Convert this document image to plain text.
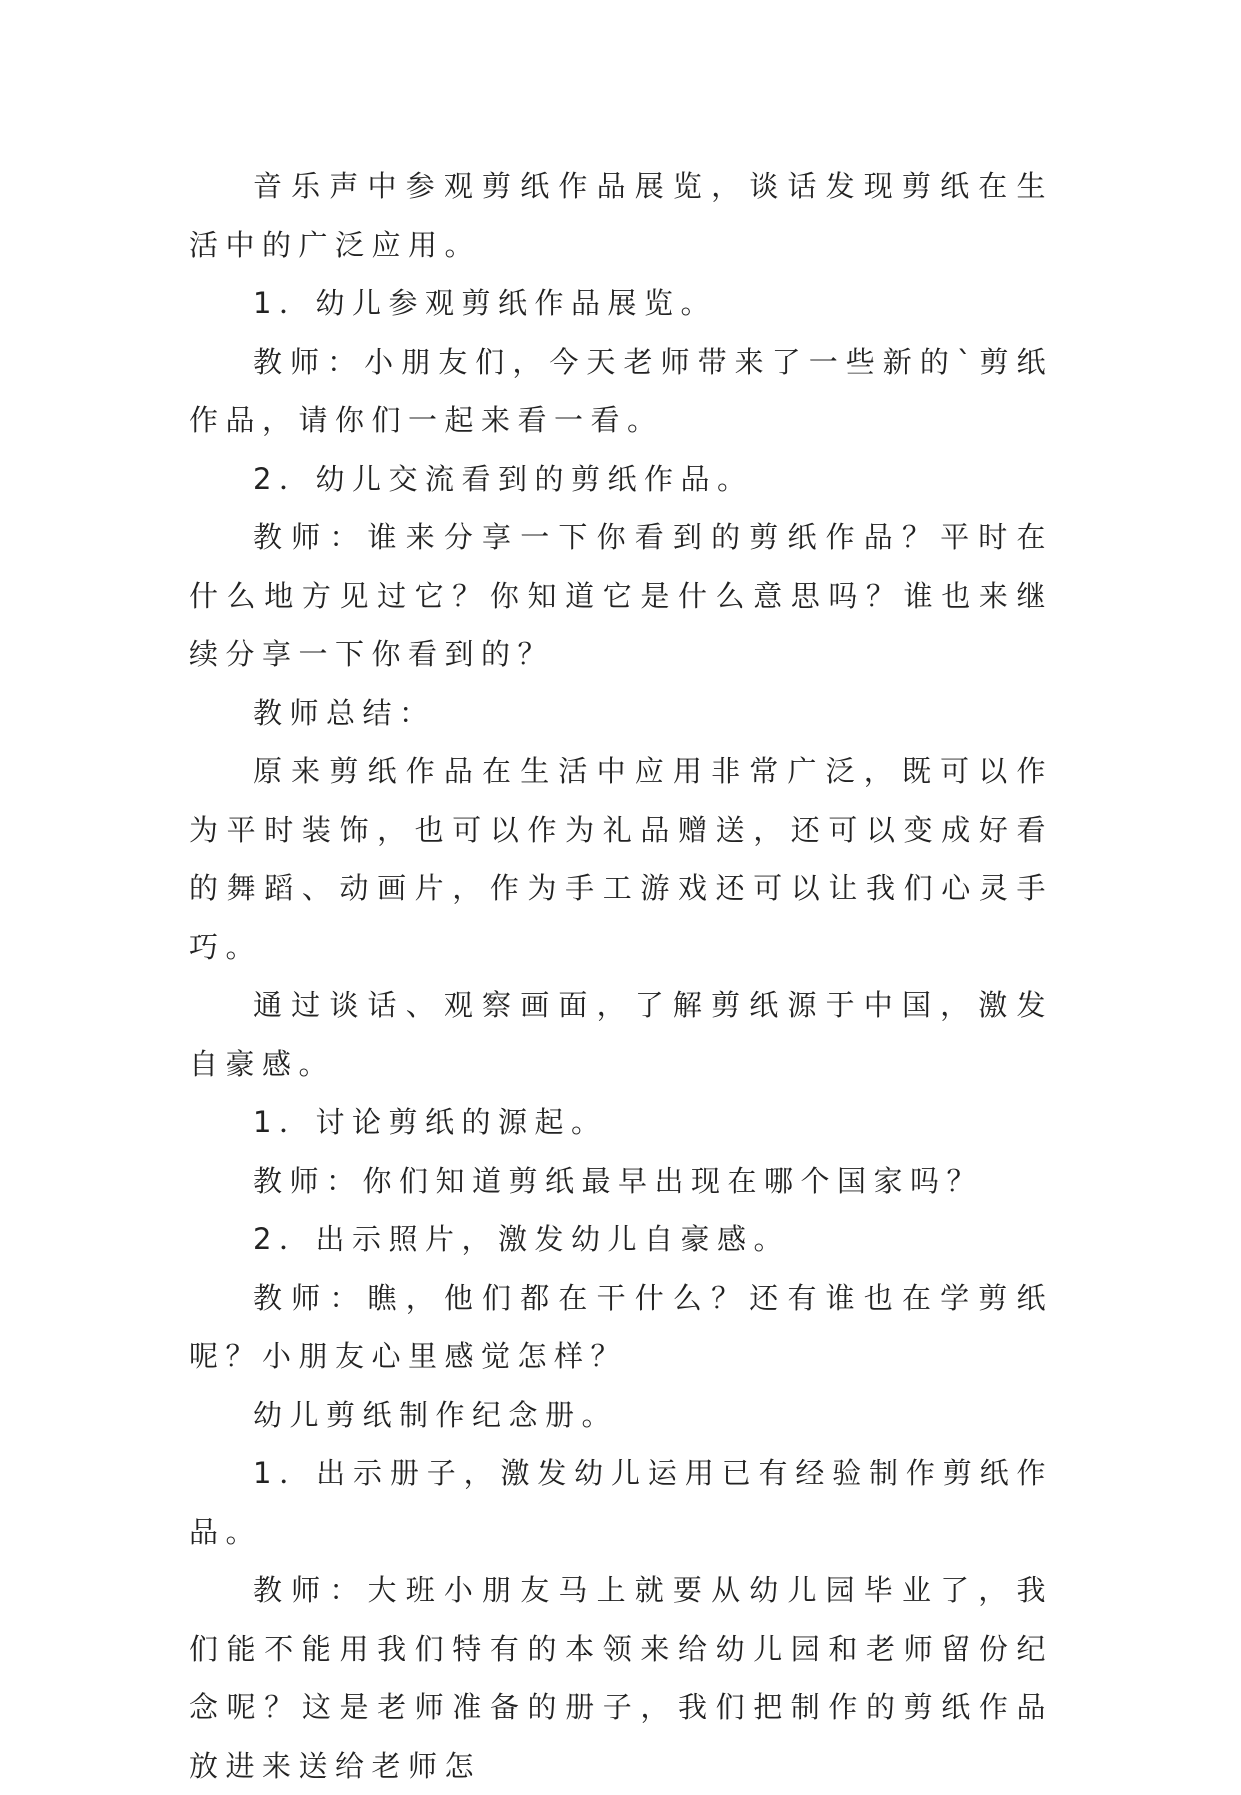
音乐声中参观剪纸作品展览，谈话发现剪纸在生活中的广泛应用。

1．幼儿参观剪纸作品展览。

教师：小朋友们，今天老师带来了一些新的`剪纸作品，请你们一起来看一看。

2．幼儿交流看到的剪纸作品。

教师：谁来分享一下你看到的剪纸作品？平时在什么地方见过它？你知道它是什么意思吗？谁也来继续分享一下你看到的？

教师总结：

原来剪纸作品在生活中应用非常广泛，既可以作为平时装饰，也可以作为礼品赠送，还可以变成好看的舞蹈、动画片，作为手工游戏还可以让我们心灵手巧。

通过谈话、观察画面，了解剪纸源于中国，激发自豪感。

1．讨论剪纸的源起。

教师：你们知道剪纸最早出现在哪个国家吗？

2．出示照片，激发幼儿自豪感。

教师：瞧，他们都在干什么？还有谁也在学剪纸呢？小朋友心里感觉怎样？

幼儿剪纸制作纪念册。

1．出示册子，激发幼儿运用已有经验制作剪纸作品。

教师：大班小朋友马上就要从幼儿园毕业了，我们能不能用我们特有的本领来给幼儿园和老师留份纪念呢？这是老师准备的册子，我们把制作的剪纸作品放进来送给老师怎
